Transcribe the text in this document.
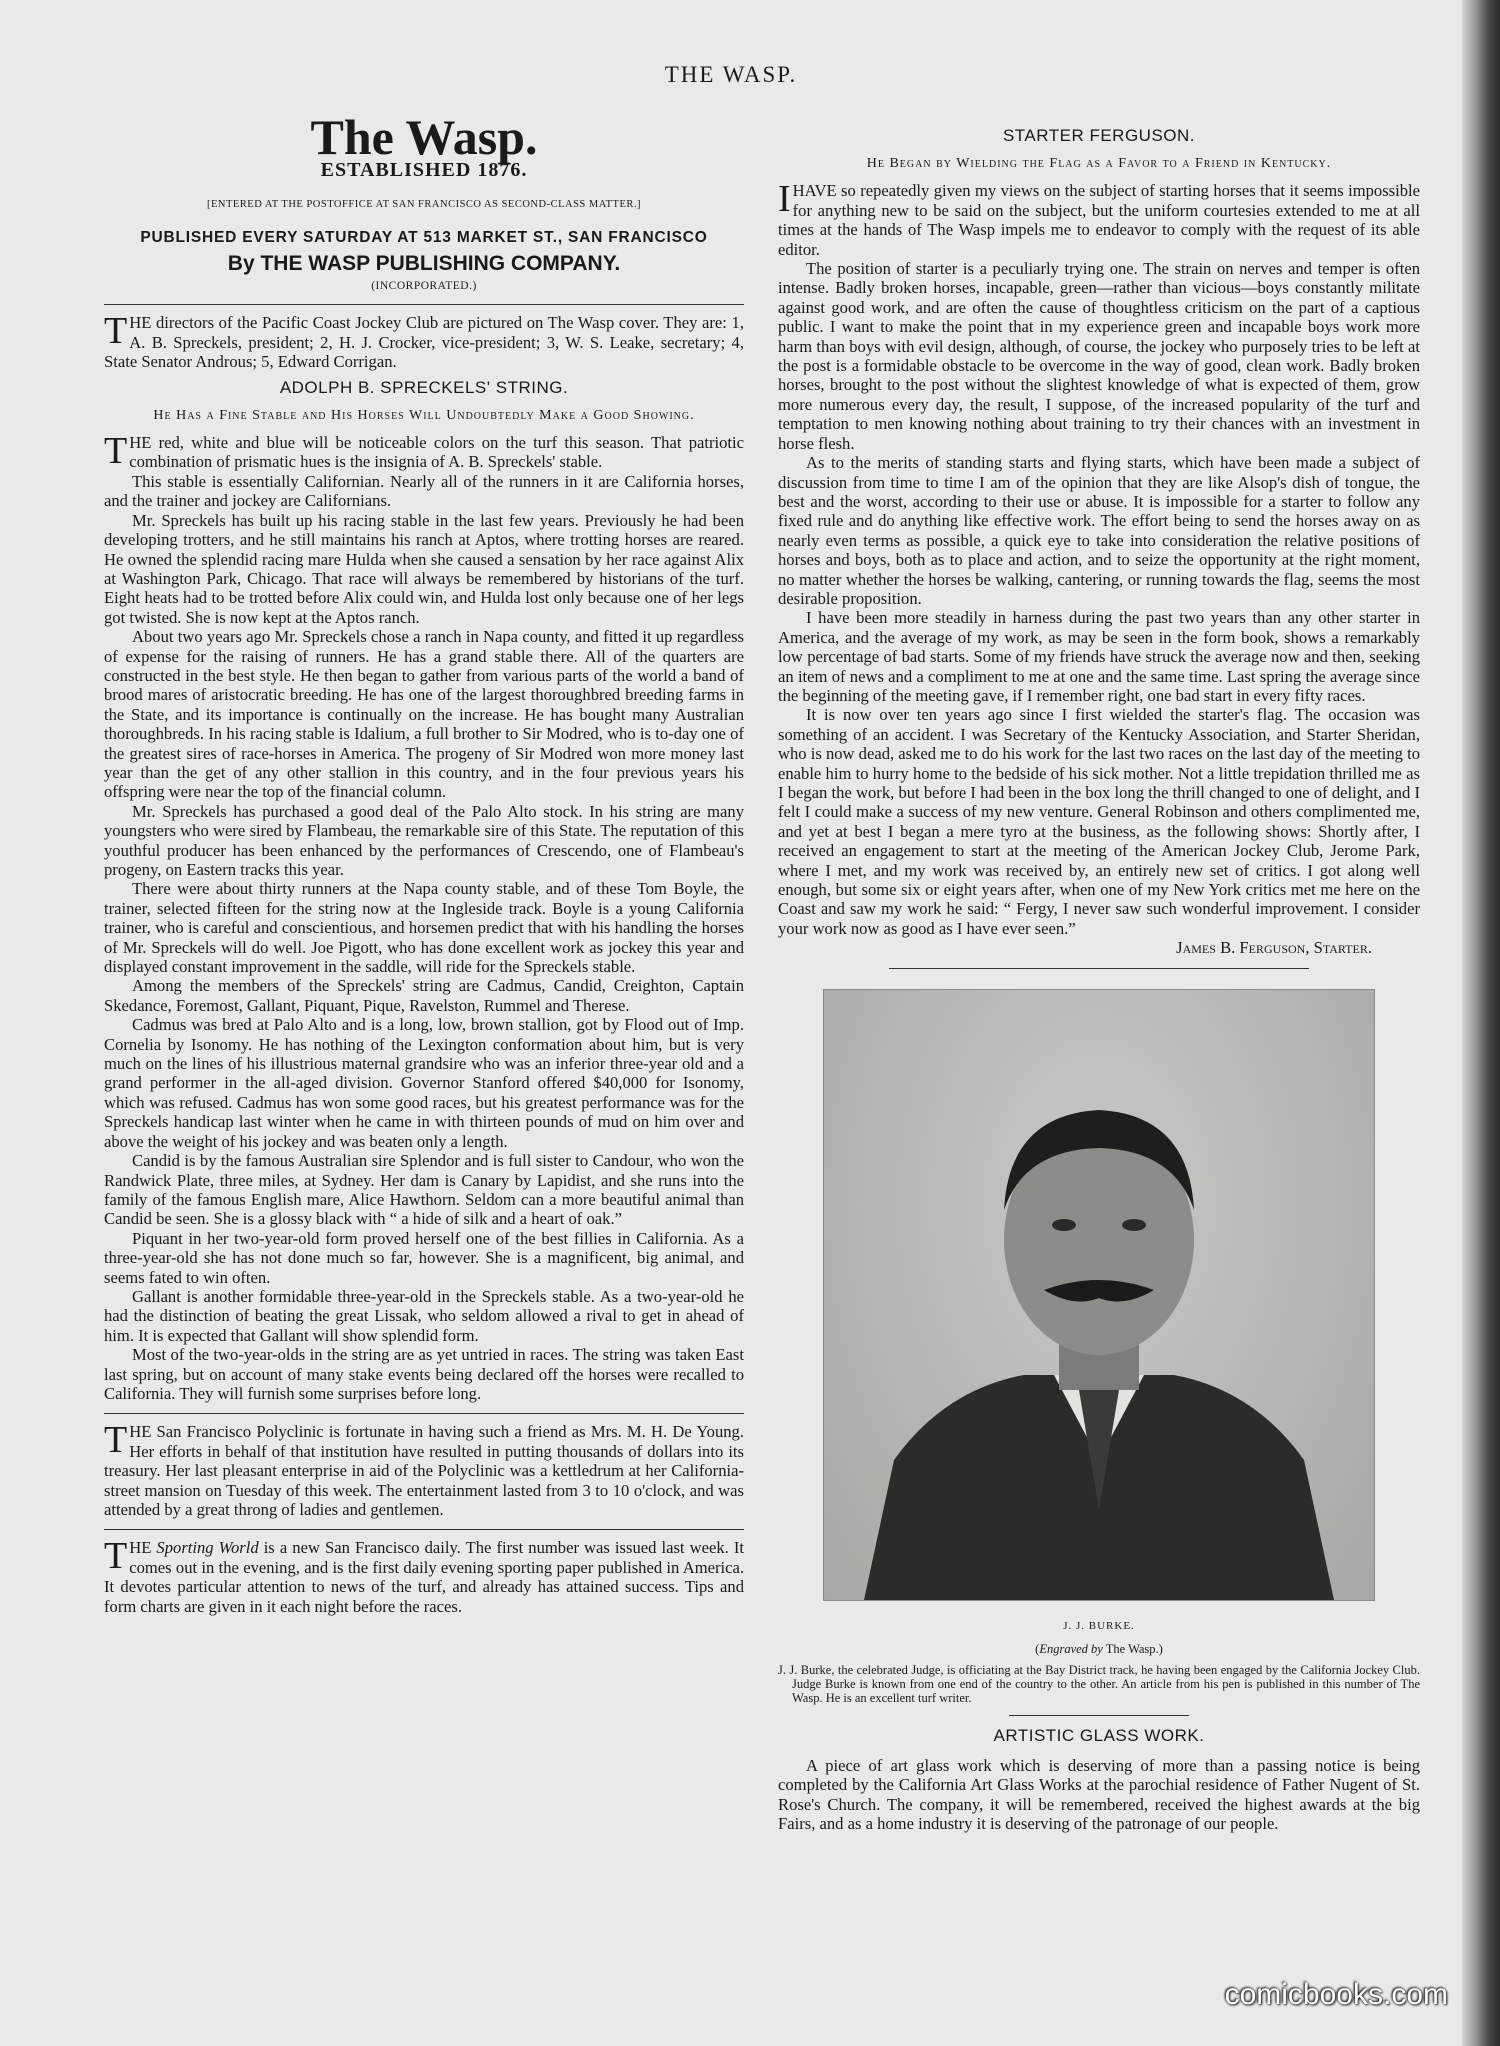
THE WASP.
The Wasp.
ESTABLISHED 1876.
[ENTERED AT THE POSTOFFICE AT SAN FRANCISCO AS SECOND-CLASS MATTER.]
PUBLISHED EVERY SATURDAY AT 513 MARKET ST., SAN FRANCISCO
By THE WASP PUBLISHING COMPANY.
(INCORPORATED.)

THE directors of the Pacific Coast Jockey Club are pictured on The Wasp cover. They are: 1, A. B. Spreckels, president; 2, H. J. Crocker, vice-president; 3, W. S. Leake, secretary; 4, State Senator Androus; 5, Edward Corrigan.

ADOLPH B. SPRECKELS' STRING.
He Has a Fine Stable and His Horses Will Undoubtedly Make a Good Showing.

THE red, white and blue will be noticeable colors on the turf this season. That patriotic combination of prismatic hues is the insignia of A. B. Spreckels' stable.

This stable is essentially Californian. Nearly all of the runners in it are California horses, and the trainer and jockey are Californians.

Mr. Spreckels has built up his racing stable in the last few years. Previously he had been developing trotters, and he still maintains his ranch at Aptos, where trotting horses are reared. He owned the splendid racing mare Hulda when she caused a sensation by her race against Alix at Washington Park, Chicago. That race will always be remembered by historians of the turf. Eight heats had to be trotted before Alix could win, and Hulda lost only because one of her legs got twisted. She is now kept at the Aptos ranch.

About two years ago Mr. Spreckels chose a ranch in Napa county, and fitted it up regardless of expense for the raising of runners. He has a grand stable there. All of the quarters are constructed in the best style. He then began to gather from various parts of the world a band of brood mares of aristocratic breeding. He has one of the largest thoroughbred breeding farms in the State, and its importance is continually on the increase. He has bought many Australian thoroughbreds. In his racing stable is Idalium, a full brother to Sir Modred, who is to-day one of the greatest sires of race-horses in America. The progeny of Sir Modred won more money last year than the get of any other stallion in this country, and in the four previous years his offspring were near the top of the financial column.

Mr. Spreckels has purchased a good deal of the Palo Alto stock. In his string are many youngsters who were sired by Flambeau, the remarkable sire of this State. The reputation of this youthful producer has been enhanced by the performances of Crescendo, one of Flambeau's progeny, on Eastern tracks this year.

There were about thirty runners at the Napa county stable, and of these Tom Boyle, the trainer, selected fifteen for the string now at the Ingleside track. Boyle is a young California trainer, who is careful and conscientious, and horsemen predict that with his handling the horses of Mr. Spreckels will do well. Joe Pigott, who has done excellent work as jockey this year and displayed constant improvement in the saddle, will ride for the Spreckels stable.

Among the members of the Spreckels' string are Cadmus, Candid, Creighton, Captain Skedance, Foremost, Gallant, Piquant, Pique, Ravelston, Rummel and Therese.

Cadmus was bred at Palo Alto and is a long, low, brown stallion, got by Flood out of Imp. Cornelia by Isonomy. He has nothing of the Lexington conformation about him, but is very much on the lines of his illustrious maternal grandsire who was an inferior three-year old and a grand performer in the all-aged division. Governor Stanford offered $40,000 for Isonomy, which was refused. Cadmus has won some good races, but his greatest performance was for the Spreckels handicap last winter when he came in with thirteen pounds of mud on him over and above the weight of his jockey and was beaten only a length.

Candid is by the famous Australian sire Splendor and is full sister to Candour, who won the Randwick Plate, three miles, at Sydney. Her dam is Canary by Lapidist, and she runs into the family of the famous English mare, Alice Hawthorn. Seldom can a more beautiful animal than Candid be seen. She is a glossy black with “ a hide of silk and a heart of oak.”

Piquant in her two-year-old form proved herself one of the best fillies in California. As a three-year-old she has not done much so far, however. She is a magnificent, big animal, and seems fated to win often.

Gallant is another formidable three-year-old in the Spreckels stable. As a two-year-old he had the distinction of beating the great Lissak, who seldom allowed a rival to get in ahead of him. It is expected that Gallant will show splendid form.

Most of the two-year-olds in the string are as yet untried in races. The string was taken East last spring, but on account of many stake events being declared off the horses were recalled to California. They will furnish some surprises before long.

THE San Francisco Polyclinic is fortunate in having such a friend as Mrs. M. H. De Young. Her efforts in behalf of that institution have resulted in putting thousands of dollars into its treasury. Her last pleasant enterprise in aid of the Polyclinic was a kettledrum at her California-street mansion on Tuesday of this week. The entertainment lasted from 3 to 10 o'clock, and was attended by a great throng of ladies and gentlemen.

THE Sporting World is a new San Francisco daily. The first number was issued last week. It comes out in the evening, and is the first daily evening sporting paper published in America. It devotes particular attention to news of the turf, and already has attained success. Tips and form charts are given in it each night before the races.

STARTER FERGUSON.
He Began by Wielding the Flag as a Favor to a Friend in Kentucky.

IHAVE so repeatedly given my views on the subject of starting horses that it seems impossible for anything new to be said on the subject, but the uniform courtesies extended to me at all times at the hands of The Wasp impels me to endeavor to comply with the request of its able editor.

The position of starter is a peculiarly trying one. The strain on nerves and temper is often intense. Badly broken horses, incapable, green—rather than vicious—boys constantly militate against good work, and are often the cause of thoughtless criticism on the part of a captious public. I want to make the point that in my experience green and incapable boys work more harm than boys with evil design, although, of course, the jockey who purposely tries to be left at the post is a formidable obstacle to be overcome in the way of good, clean work. Badly broken horses, brought to the post without the slightest knowledge of what is expected of them, grow more numerous every day, the result, I suppose, of the increased popularity of the turf and temptation to men knowing nothing about training to try their chances with an investment in horse flesh.

As to the merits of standing starts and flying starts, which have been made a subject of discussion from time to time I am of the opinion that they are like Alsop's dish of tongue, the best and the worst, according to their use or abuse. It is impossible for a starter to follow any fixed rule and do anything like effective work. The effort being to send the horses away on as nearly even terms as possible, a quick eye to take into consideration the relative positions of horses and boys, both as to place and action, and to seize the opportunity at the right moment, no matter whether the horses be walking, cantering, or running towards the flag, seems the most desirable proposition.

I have been more steadily in harness during the past two years than any other starter in America, and the average of my work, as may be seen in the form book, shows a remarkably low percentage of bad starts. Some of my friends have struck the average now and then, seeking an item of news and a compliment to me at one and the same time. Last spring the average since the beginning of the meeting gave, if I remember right, one bad start in every fifty races.

It is now over ten years ago since I first wielded the starter's flag. The occasion was something of an accident. I was Secretary of the Kentucky Association, and Starter Sheridan, who is now dead, asked me to do his work for the last two races on the last day of the meeting to enable him to hurry home to the bedside of his sick mother. Not a little trepidation thrilled me as I began the work, but before I had been in the box long the thrill changed to one of delight, and I felt I could make a success of my new venture. General Robinson and others complimented me, and yet at best I began a mere tyro at the business, as the following shows: Shortly after, I received an engagement to start at the meeting of the American Jockey Club, Jerome Park, where I met, and my work was received by, an entirely new set of critics. I got along well enough, but some six or eight years after, when one of my New York critics met me here on the Coast and saw my work he said: “ Fergy, I never saw such wonderful improvement. I consider your work now as good as I have ever seen.”

James B. Ferguson, Starter.
J. J. BURKE.
(Engraved by The Wasp.)

J. J. Burke, the celebrated Judge, is officiating at the Bay District track, he having been engaged by the California Jockey Club. Judge Burke is known from one end of the country to the other. An article from his pen is published in this number of The Wasp. He is an excellent turf writer.

ARTISTIC GLASS WORK.

A piece of art glass work which is deserving of more than a passing notice is being completed by the California Art Glass Works at the parochial residence of Father Nugent of St. Rose's Church. The company, it will be remembered, received the highest awards at the big Fairs, and as a home industry it is deserving of the patronage of our people.

comicbooks.com
